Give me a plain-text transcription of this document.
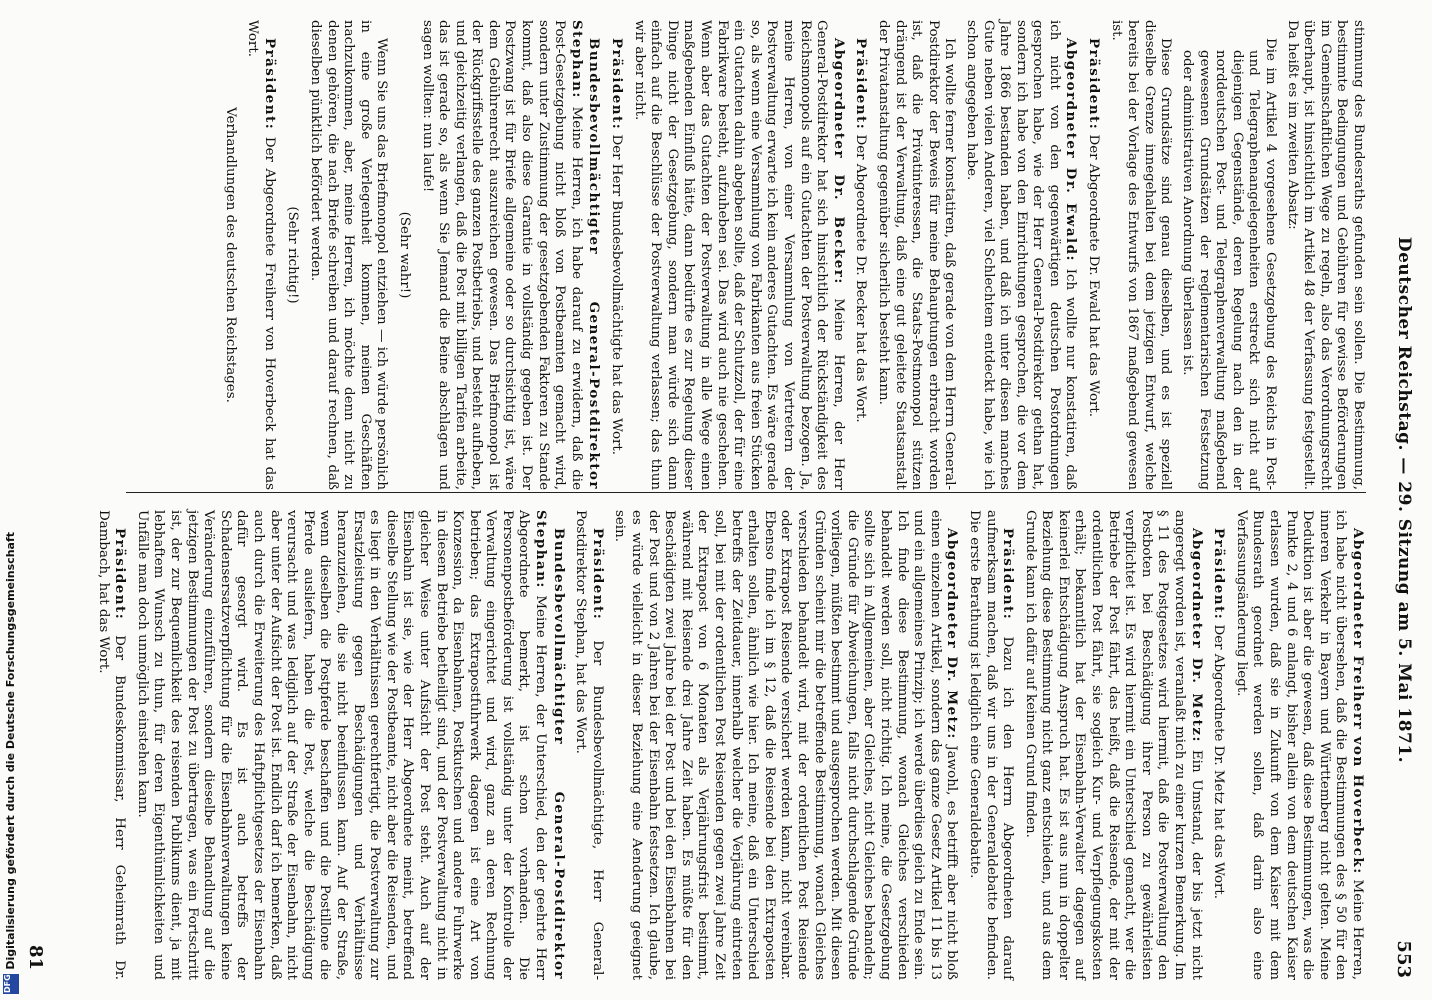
Deutscher Reichstag. — 29. Sitzung am 5. Mai 1871.
553

stimmung des Bundesraths gefunden sein sollen. Die Bestimmung, bestimmte Bedingungen und Gebühren für gewisse Beförderungen im Gemeinschaftlichen Wege zu regeln, also das Verordnungsrecht überhaupt, ist hinsichtlich im Artikel 48 der Verfassung festgestellt. Da heißt es im zweiten Absatz:

Die im Artikel 4 vorgesehene Gesetzgebung des Reichs in Post- und Telegraphenangelegenheiten erstreckt sich nicht auf diejenigen Gegenstände, deren Regelung nach den in der norddeutschen Post- und Telegraphenverwaltung maßgebend gewesenen Grundsätzen der reglementarischen Festsetzung oder administrativen Anordnung überlassen ist.

Diese Grundsätze sind genau dieselben, und es ist speziell dieselbe Grenze innegehalten bei dem jetzigen Entwurf, welche bereits bei der Vorlage des Entwurfs von 1867 maßgebend gewesen ist.

Präsident: Der Abgeordnete Dr. Ewald hat das Wort.

Abgeordneter Dr. Ewald: Ich wollte nur konstatiren, daß ich nicht von den gegenwärtigen deutschen Postordnungen gesprochen habe, wie der Herr General-Postdirektor gethan hat, sondern ich habe von den Einrichtungen gesprochen, die vor dem Jahre 1866 bestanden haben, und daß ich unter diesen manches Gute neben vielen Anderen, viel Schlechtem entdeckt habe, wie ich schon angegeben habe.

Ich wollte ferner konstatiren, daß gerade von dem Herrn General-Postdirektor der Beweis für meine Behauptungen erbracht worden ist, daß die Privatinteressen, die Staats-Postmonopol stützen drängend ist der Verwaltung, daß eine gut geleitete Staatsanstalt der Privatanstaltung gegenüber sicherlich besteht kann.

Präsident: Der Abgeordnete Dr. Becker hat das Wort.

Abgeordneter Dr. Becker: Meine Herren, der Herr General-Postdirektor hat sich hinsichtlich der Rückständigkeit des Reichsmonopols auf ein Gutachten der Postverwaltung bezogen. Ja, meine Herren, von einer Versammlung von Vertretern der Postverwaltung erwarte ich kein anderes Gutachten. Es wäre gerade so, als wenn eine Versammlung von Fabrikanten aus freien Stücken ein Gutachten dahin abgeben sollte, daß der Schutzzoll, der für eine Fabrikware besteht, aufzuheben sei. Das wird auch nie geschehen. Wenn aber das Gutachten der Postverwaltung in alle Wege einen maßgebenden Einfluß hätte, dann bedürfte es zur Regelung dieser Dinge nicht der Gesetzgebung, sondern man würde sich dann einfach auf die Beschlüsse der Postverwaltung verlassen; das thun wir aber nicht.

Präsident: Der Herr Bundesbevollmächtigte hat das Wort.

Bundesbevollmächtigter General-Postdirektor Stephan: Meine Herren, ich habe darauf zu erwidern, daß die Post-Gesetzgebung nicht bloß von Postbeamten gemacht wird, sondern unter Zustimmung der gesetzgebenden Faktoren zu Stande kommt, daß also diese Garantie in vollständig gegeben ist. Der Postzwang ist für Briefe allgemeine oder so durchsichtig ist, wäre dem Gebührenrecht auszureichen gewesen. Das Briefmonopol ist der Rückgriffsstelle des ganzen Postbetriebs, und besteht aufheben, und gleichzeitig verlangen, daß die Post mit billigen Tarifen arbeite, das ist gerade so, als wenn Sie Jemand die Beine abschlagen und sagen wollten: nun laufe!

(Sehr wahr!)

Wenn Sie uns das Briefmonopol entziehen — ich würde persönlich in eine große Verlegenheit kommen, meinen Geschäften nachzukommen, aber, meine Herren, ich möchte denn nicht zu denen gehören, die nach Briefe schreiben und darauf rechnen, daß dieselben pünktlich befördert werden.

(Sehr richtig!)

Präsident: Der Abgeordnete Freiherr von Hoverbeck hat das Wort.

Verhandlungen des deutschen Reichstages.

Abgeordneter Freiherr von Hoverbeck: Meine Herren, ich habe nicht übersehen, daß die Bestimmungen des § 50 für den inneren Verkehr in Bayern und Württemberg nicht gelten. Meine Deduktion ist aber die gewesen, daß diese Bestimmungen, was die Punkte 2, 4 und 6 anlangt, bisher allein von dem deutschen Kaiser erlassen wurden, daß sie in Zukunft von dem Kaiser mit dem Bundesrath geordnet werden sollen, daß darin also eine Verfassungsänderung liegt.

Präsident: Der Abgeordnete Dr. Metz hat das Wort.

Abgeordneter Dr. Metz: Ein Umstand, der bis jetzt nicht angeregt worden ist, veranlaßt mich zu einer kurzen Bemerkung. Im § 11 des Postgesetzes wird hiermit, daß die Postverwaltung den Postboten bei Beschädigung ihrer Person zu gewährleisten verpflichtet ist. Es wird hiermit ein Unterschied gemacht, wer die Betriebe der Post fährt, das heißt, daß die Reisende, der mit der ordentlichen Post fährt, sie sogleich Kur- und Verpflegungskosten erhält; bekanntlich hat der Eisenbahn-Verwalter dagegen auf keinerlei Entschädigung Anspruch hat. Es ist aus nun in doppelter Beziehung diese Bestimmung nicht ganz entschieden, und aus dem Grunde kann ich dafür auf keinen Grund finden.

Präsident: Dazu ich den Herrn Abgeordneten darauf aufmerksam machen, daß wir uns in der Generaldebatte befinden. Die erste Berathung ist lediglich eine Generaldebatte.

Abgeordneter Dr. Metz: Jawohl, es betrifft aber nicht bloß einen einzelnen Artikel, sondern das ganze Gesetz Artikel 11 bis 13 und ein allgemeines Prinzip; ich werde überdies gleich zu Ende sein. Ich finde diese Bestimmung, wonach Gleiches verschieden behandelt werden soll, nicht richtig. Ich meine, die Gesetzgebung sollte sich in Allgemeinen, aber Gleiches, nicht Gleiches behandeln; die Gründe für Abweichungen, falls nicht durchschlagende Gründe vorliegen, müßten bestimmt und ausgesprochen werden. Mit diesen Gründen scheint mir die betreffende Bestimmung, wonach Gleiches verschieden behandelt wird, mit der ordentlichen Post Reisende oder Extrapost Reisende versichert werden kann, nicht vereinbar. Ebenso finde ich im § 12, daß die Reisende bei den Extraposten erhalten sollen, ähnlich wie hier. Ich meine, daß ein Unterschied betreffs der Zeitdauer, innerhalb welcher die Verjährung eintreten soll, bei mit der ordentlichen Post Reisenden gegen zwei Jahre Zeit der Extrapost von 6 Monaten als Verjährungsfrist bestimmt, während mit Reisende drei Jahre Zeit haben. Es müßte für den Beschädigten zwei Jahre bei der Post und bei den Eisenbahnen bei der Post und von 2 Jahren bei der Eisenbahn festsetzen. Ich glaube, es würde vielleicht in dieser Beziehung eine Aenderung geeignet sein.

Präsident: Der Bundesbevollmächtigte, Herr General-Postdirektor Stephan, hat das Wort.

Bundesbevollmächtigter General-Postdirektor Stephan: Meine Herren, der Unterschied, den der geehrte Herr Abgeordnete bemerkt, ist schon vorhanden. Die Personenpostbeförderung ist vollständig unter der Kontrolle der Verwaltung eingerichtet und wird, ganz an deren Rechnung betrieben; das Extrapostfuhrwerk dagegen ist eine Art von Konzession, da Eisenbahnen, Postkutschen und andere Fuhrwerke in diesem Betriebe betheiligt sind, und der Postverwaltung nicht in gleicher Weise unter Aufsicht der Post steht. Auch auf der Eisenbahn ist sie, wie der Herr Abgeordnete meint, betreffend dieselbe Stellung wie der Postbeamte, nicht aber die Reisenden, und es liegt in den Verhältnissen gerechtfertigt, die Postverwaltung zur Ersatzleistung gegen Beschädigungen und Verhältnisse heranzuziehen, die sie nicht beeinflussen kann. Auf der Straße, wenn dieselben die Postpferde beschaffen und die Postillone die Pferde ausliefern, haben die Post, welche die Beschädigung verursacht und was lediglich auf der Straße der Eisenbahn, nicht aber unter der Aufsicht der Post ist. Endlich darf ich bemerken, daß auch durch die Erweiterung des Haftpflichtgesetzes der Eisenbahn dafür gesorgt wird. Es ist auch betreffs der Schadensersatzverpflichtung für die Eisenbahnverwaltungen keine Veränderung einzuführen, sondern dieselbe Behandlung auf die jetzigen Bestimmungen der Post zu übertragen, was ein Fortschritt ist, der zur Bequemlichkeit des reisenden Publikums dient, ja mit lebhaftem Wunsch zu thun, für deren Eigenthümlichkeiten und Unfälle man doch unmöglich einstehen kann.

Präsident: Der Bundeskommissar, Herr Geheimrath Dr. Dambach, hat das Wort.

81
Digitalisierung gefördert durch die Deutsche Forschungsgemeinschaft
DFG
